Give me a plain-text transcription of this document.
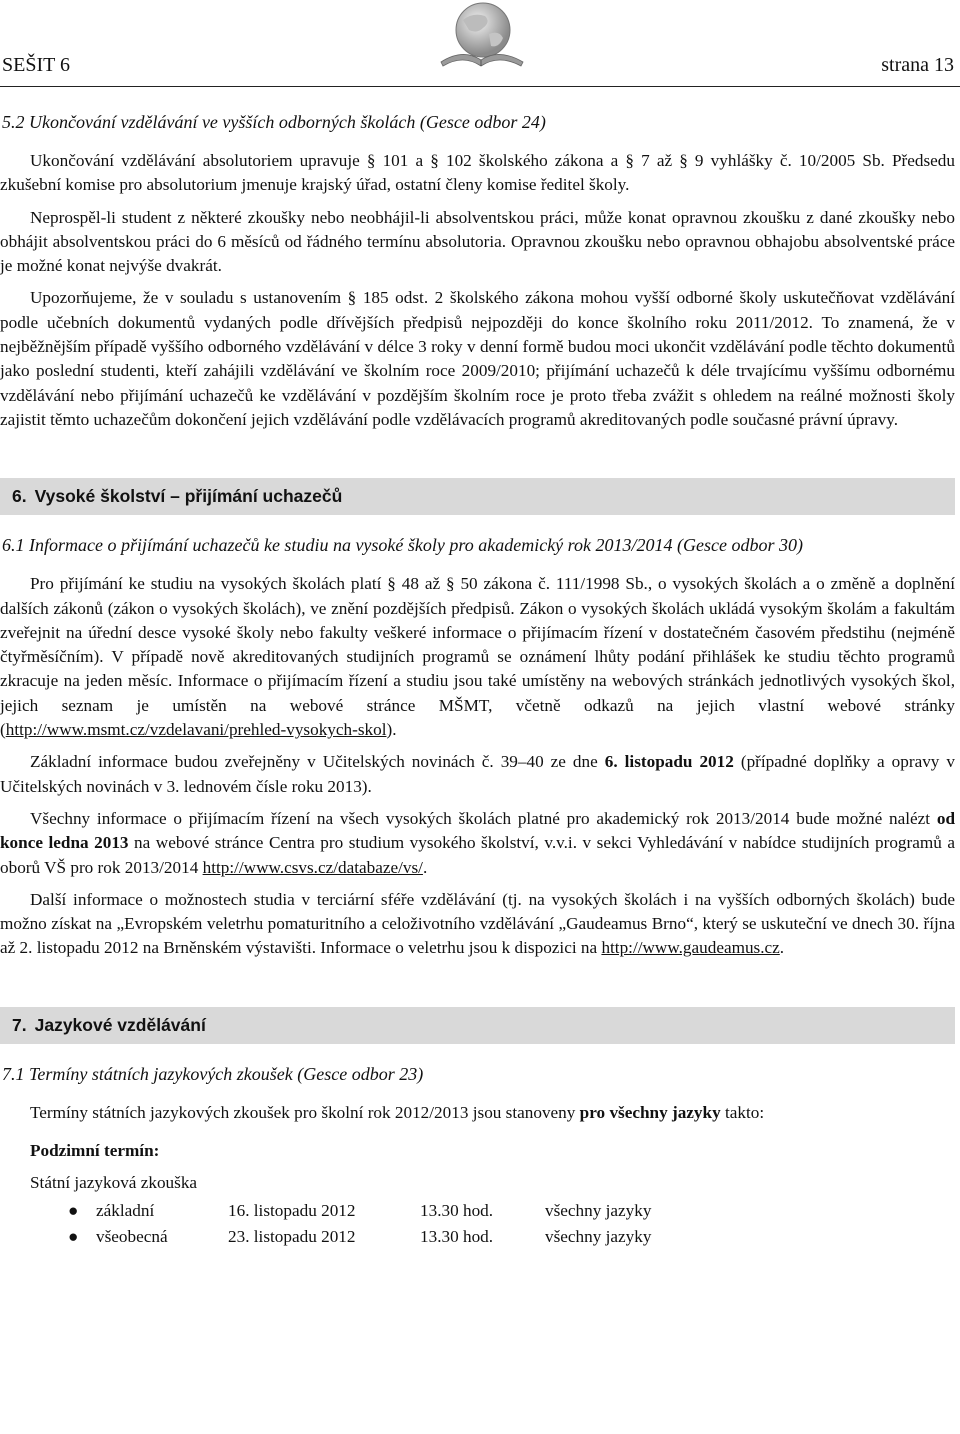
SEŠIT 6	strana 13
5.2 Ukončování vzdělávání ve vyšších odborných školách (Gesce odbor 24)

Ukončování vzdělávání absolutoriem upravuje § 101 a § 102 školského zákona a § 7 až § 9 vyhlášky č. 10/2005 Sb. Předsedu zkušební komise pro absolutorium jmenuje krajský úřad, ostatní členy komise ředitel školy.

Neprospěl-li student z některé zkoušky nebo neobhájil-li absolventskou práci, může konat opravnou zkoušku z dané zkoušky nebo obhájit absolventskou práci do 6 měsíců od řádného termínu absolutoria. Opravnou zkoušku nebo opravnou obhajobu absolventské práce je možné konat nejvýše dvakrát.

Upozorňujeme, že v souladu s ustanovením § 185 odst. 2 školského zákona mohou vyšší odborné školy uskutečňovat vzdělávání podle učebních dokumentů vydaných podle dřívějších předpisů nejpozději do konce školního roku 2011/2012. To znamená, že v nejběžnějším případě vyššího odborného vzdělávání v délce 3 roky v denní formě budou moci ukončit vzdělávání podle těchto dokumentů jako poslední studenti, kteří zahájili vzdělávání ve školním roce 2009/2010; přijímání uchazečů k déle trvajícímu vyššímu odbornému vzdělávání nebo přijímání uchazečů ke vzdělávání v pozdějším školním roce je proto třeba zvážit s ohledem na reálné možnosti školy zajistit těmto uchazečům dokončení jejich vzdělávání podle vzdělávacích programů akreditovaných podle současné právní úpravy.

6. Vysoké školství – přijímání uchazečů
6.1 Informace o přijímání uchazečů ke studiu na vysoké školy pro akademický rok 2013/2014 (Gesce odbor 30)

Pro přijímání ke studiu na vysokých školách platí § 48 až § 50 zákona č. 111/1998 Sb., o vysokých školách a o změně a doplnění dalších zákonů (zákon o vysokých školách), ve znění pozdějších předpisů. Zákon o vysokých školách ukládá vysokým školám a fakultám zveřejnit na úřední desce vysoké školy nebo fakulty veškeré informace o přijímacím řízení v dostatečném časovém předstihu (nejméně čtyřměsíčním). V případě nově akreditovaných studijních programů se oznámení lhůty podání přihlášek ke studiu těchto programů zkracuje na jeden měsíc. Informace o přijímacím řízení a studiu jsou také umístěny na webových stránkách jednotlivých vysokých škol, jejich seznam je umístěn na webové stránce MŠMT, včetně odkazů na jejich vlastní webové stránky (http://www.msmt.cz/vzdelavani/prehled-vysokych-skol).

Základní informace budou zveřejněny v Učitelských novinách č. 39–40 ze dne 6. listopadu 2012 (případné doplňky a opravy v Učitelských novinách v 3. lednovém čísle roku 2013).

Všechny informace o přijímacím řízení na všech vysokých školách platné pro akademický rok 2013/2014 bude možné nalézt od konce ledna 2013 na webové stránce Centra pro studium vysokého školství, v.v.i. v sekci Vyhledávání v nabídce studijních programů a oborů VŠ pro rok 2013/2014 http://www.csvs.cz/databaze/vs/.

Další informace o možnostech studia v terciární sféře vzdělávání (tj. na vysokých školách i na vyšších odborných školách) bude možno získat na „Evropském veletrhu pomaturitního a celoživotního vzdělávání „Gaudeamus Brno“, který se uskuteční ve dnech 30. října až 2. listopadu 2012 na Brněnském výstavišti. Informace o veletrhu jsou k dispozici na http://www.gaudeamus.cz.

7. Jazykové vzdělávání
7.1 Termíny státních jazykových zkoušek (Gesce odbor 23)

Termíny státních jazykových zkoušek pro školní rok 2012/2013 jsou stanoveny pro všechny jazyky takto:

Podzimní termín:

Státní jazyková zkouška

●	základní	16. listopadu 2012	13.30 hod.	všechny jazyky
●	všeobecná	23. listopadu 2012	13.30 hod.	všechny jazyky
